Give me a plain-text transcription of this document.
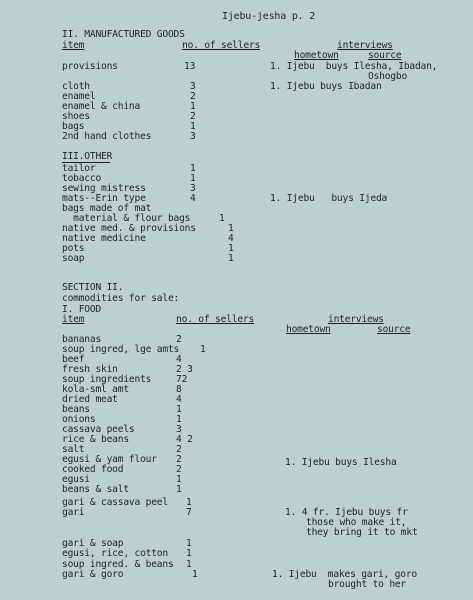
Ijebu-jesha p. 2
II. MANUFACTURED GOODS
item	no. of sellers	interviews
hometown	source
provisions	13	1. Ijebu  buys Ilesha, Ibadan,
Oshogbo
cloth	3	1. Ijebu buys Ibadan
enamel	2
enamel & china	1
shoes	2
bags	1
2nd hand clothes	3
III.OTHER
tailor	1
tobacco	1
sewing mistress	3
mats--Erin type	4	1. Ijebu   buys Ijeda
bags made of mat
material & flour bags	1
native med. & provisions	1
native medicine	4
pots	1
soap	1
SECTION II.
commodities for sale:
I. FOOD
item	no. of sellers	interviews
hometown	source
bananas	2
soup ingred, lge amts 1
beef	4
fresh skin	2 3
soup ingredients	72
kola-sml amt	8
dried meat	4
beans	1
onions	1
cassava peels	3
rice & beans	4 2
salt	2
egusi & yam flour 2	1. Ijebu buys Ilesha
cooked food	2
egusi	1
beans & salt	1
gari & cassava peel 1
gari	7	1. 4 fr. Ijebu buys fr
those who make it,
they bring it to mkt
gari & soap	1
egusi, rice, cotton 1
soup ingred. & beans 1
gari & goro	1	1. Ijebu  makes gari, goro
brought to her
